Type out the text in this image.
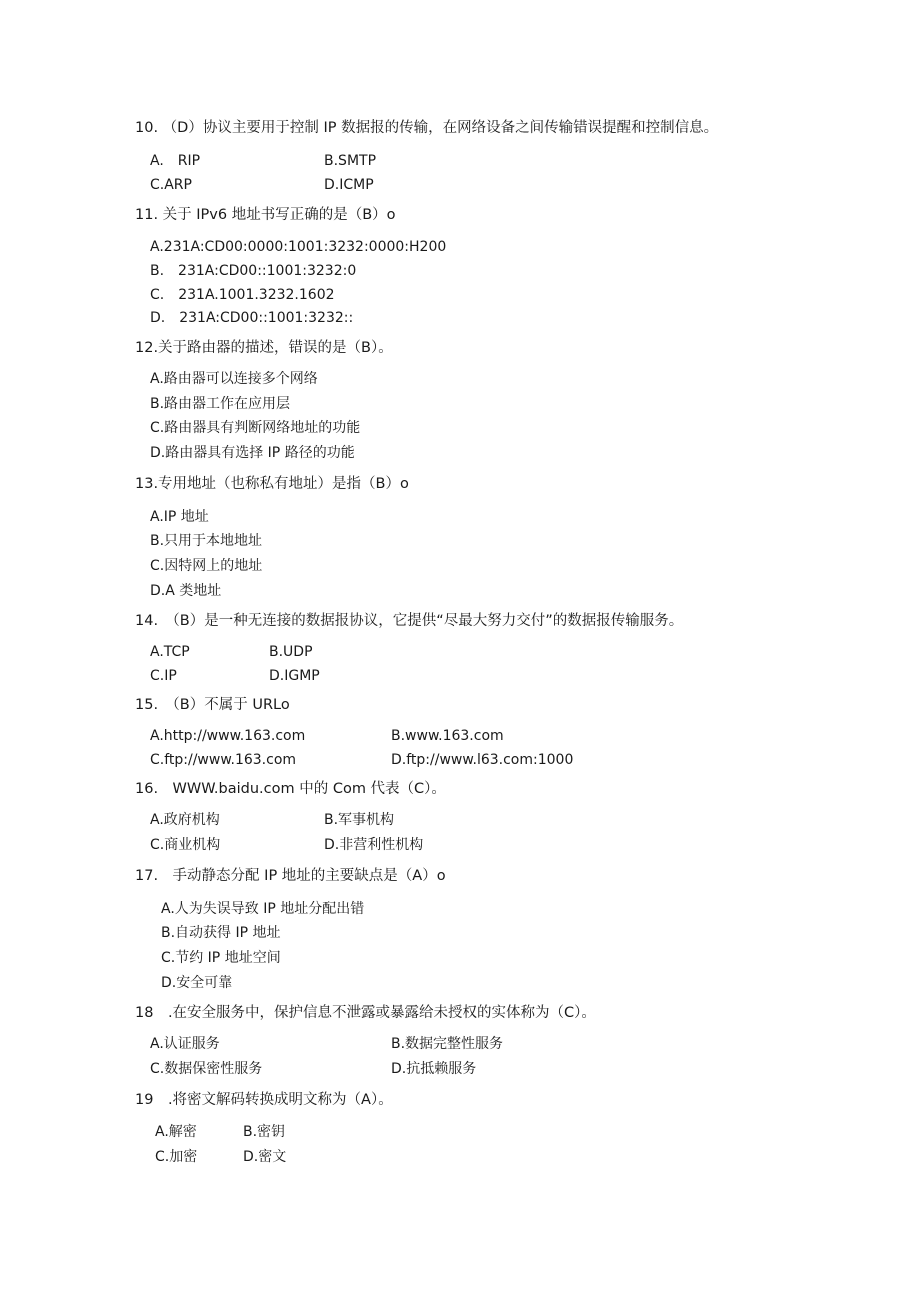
10. （D）协议主要用于控制 IP 数据报的传输，在网络设备之间传输错误提醒和控制信息。
A.　RIP	B.SMTP
C.ARP	D.ICMP
11. 关于 IPv6 地址书写正确的是（B）o
A.231A:CD00:0000:1001:3232:0000:H200
B.　231A:CD00::1001:3232:0
C.　231A.1001.3232.1602
D.　231A:CD00::1001:3232::
12.关于路由器的描述，错误的是（B）。
A.路由器可以连接多个网络
B.路由器工作在应用层
C.路由器具有判断网络地址的功能
D.路由器具有选择 IP 路径的功能
13.专用地址（也称私有地址）是指（B）o
A.IP 地址
B.只用于本地地址
C.因特网上的地址
D.A 类地址
14.　（B）是一种无连接的数据报协议，它提供“尽最大努力交付”的数据报传输服务。
A.TCP	B.UDP
C.IP	D.IGMP
15.　（B）不属于 URLo
A.http://www.163.com	B.www.163.com
C.ftp://www.163.com	D.ftp://www.l63.com:1000
16.　WWW.baidu.com 中的 Com 代表（C）。
A.政府机构	B.军事机构
C.商业机构	D.非营利性机构
17.　手动静态分配 IP 地址的主要缺点是（A）o
A.人为失误导致 IP 地址分配出错
B.自动获得 IP 地址
C.节约 IP 地址空间
D.安全可靠
18　.在安全服务中，保护信息不泄露或暴露给未授权的实体称为（C）。
A.认证服务	B.数据完整性服务
C.数据保密性服务	D.抗抵赖服务
19　.将密文解码转换成明文称为（A）。
A.解密	B.密钥
C.加密	D.密文
